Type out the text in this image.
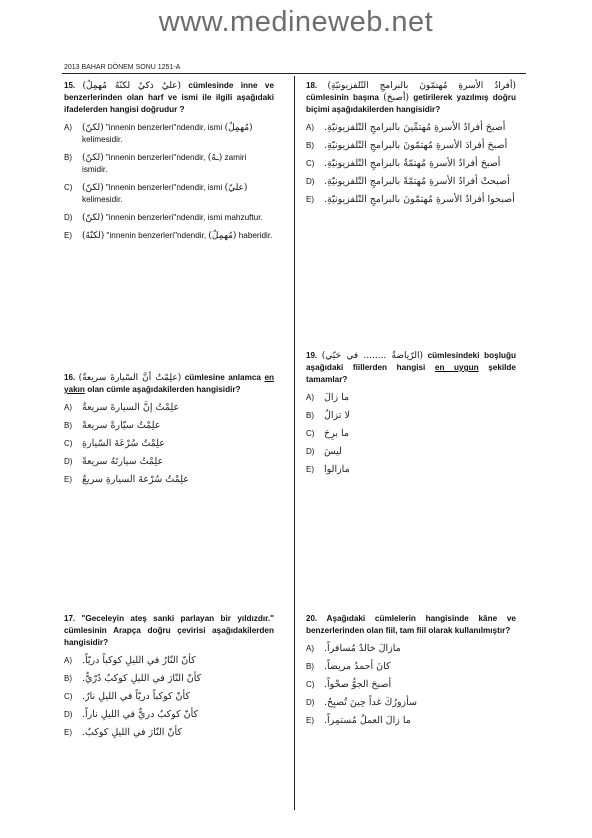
www.medineweb.net
2013 BAHAR DÖNEM SONU 1251-A
15. (عليٌ ذكيٌ لكنّهُ مُهمِلٌ) cümlesinde inne ve benzerlerinden olan harf ve ismi ile ilgili aşağıdaki ifadelerden hangisi doğrudur ?
A)	(لكنّ) "innenin benzerleri"ndendir, ismi (مُهمِلٌ) kelimesidir.
B)	(لكنّ) "innenin benzerleri"ndendir, (ـهُ) zamiri ismidir.
C)	(لكنّ) "innenin benzerleri"ndendir, ismi (عليٌ) kelimesidir.
D)	(لكنّ) "innenin benzerleri"ndendir, ismi mahzuftur.
E)	(لكنّهُ) "innenin benzerleri"ndendir, (مُهمِلٌ) haberidir.
16. (علِمْتُ أنَّ السّيارةَ سريعةٌ) cümlesine anlamca en yakın olan cümle aşağıdakilerden hangisidir?
A)	علِمْتُ إنَّ السيارةَ سريعةٌ
B)	علِمْتُ سيّارةً سريعةً
C)	علِمْتُ سُرْعَةَ السّيارةِ
D)	علِمْتُ سيارتَهُ سريعةً
E)	علِمْتُ سُرْعةَ السيارةِ سريعٌ
17. "Geceleyin ateş sanki parlayan bir yıldızdır." cümlesinin Arapça doğru çevirisi aşağıdakilerden hangisidir?
A)	كأنّ النّارُ في الليلِ كوكباً دريّاً.
B)	كأنّ النّارَ في الليلِ كوكبٌ دُرّيٌّ.
C)	كأنّ كوكباً دريّاً في الليلِ نارٌ.
D)	كأنّ كوكبٌ دريٌّ في الليلِ ناراً.
E)	كأنّ النّارَ في الليلِ كوكبٌ.
18. (أفرادُ الأسرةِ مُهتمّونَ بالبرامجِ التّلفزيونيّةِ) cümlesinin başına (أصبحَ) getirilerek yazılmış doğru biçimi aşağıdakilerden hangisidir?
A)	أصبحَ أفرادُ الأسرةِ مُهتمِّينَ بالبرامجِ التّلفزيونيّةِ.
B)	أصبحَ أفرادَ الأسرةِ مُهتمّونَ بالبرامجِ التّلفزيونيّةِ.
C)	أصبحَ أفرادُ الأسرةِ مُهتمّةٌ بالبرامجِ التّلفزيونيّةِ.
D)	أصبحتْ أفرادُ الأسرةِ مُهتمّةً بالبرامجِ التّلفزيونيّةِ.
E)	أصبحوا أفرادُ الأسرةِ مُهتمّونَ بالبرامجِ التّلفزيونيّةِ.
19. (الرّياضةُ ........ في حَيّي) cümlesindeki boşluğu aşağıdaki fiillerden hangisi en uygun şekilde tamamlar?
A)	ما زالَ
B)	لا تزالُ
C)	ما برِحَ
D)	ليسَ
E)	مازالوا
20. Aşağıdaki cümlelerin hangisinde kâne ve benzerlerinden olan fiil, tam fiil olarak kullanılmıştır?
A)	مازالَ خالدٌ مُسافراً.
B)	كانَ أحمدُ مريضاً.
C)	أصبحَ الجوُّ صحْواً.
D)	سأزورُكَ غداً حِينَ تُصبِحُ.
E)	ما زالَ العملُ مُستمِراً.
